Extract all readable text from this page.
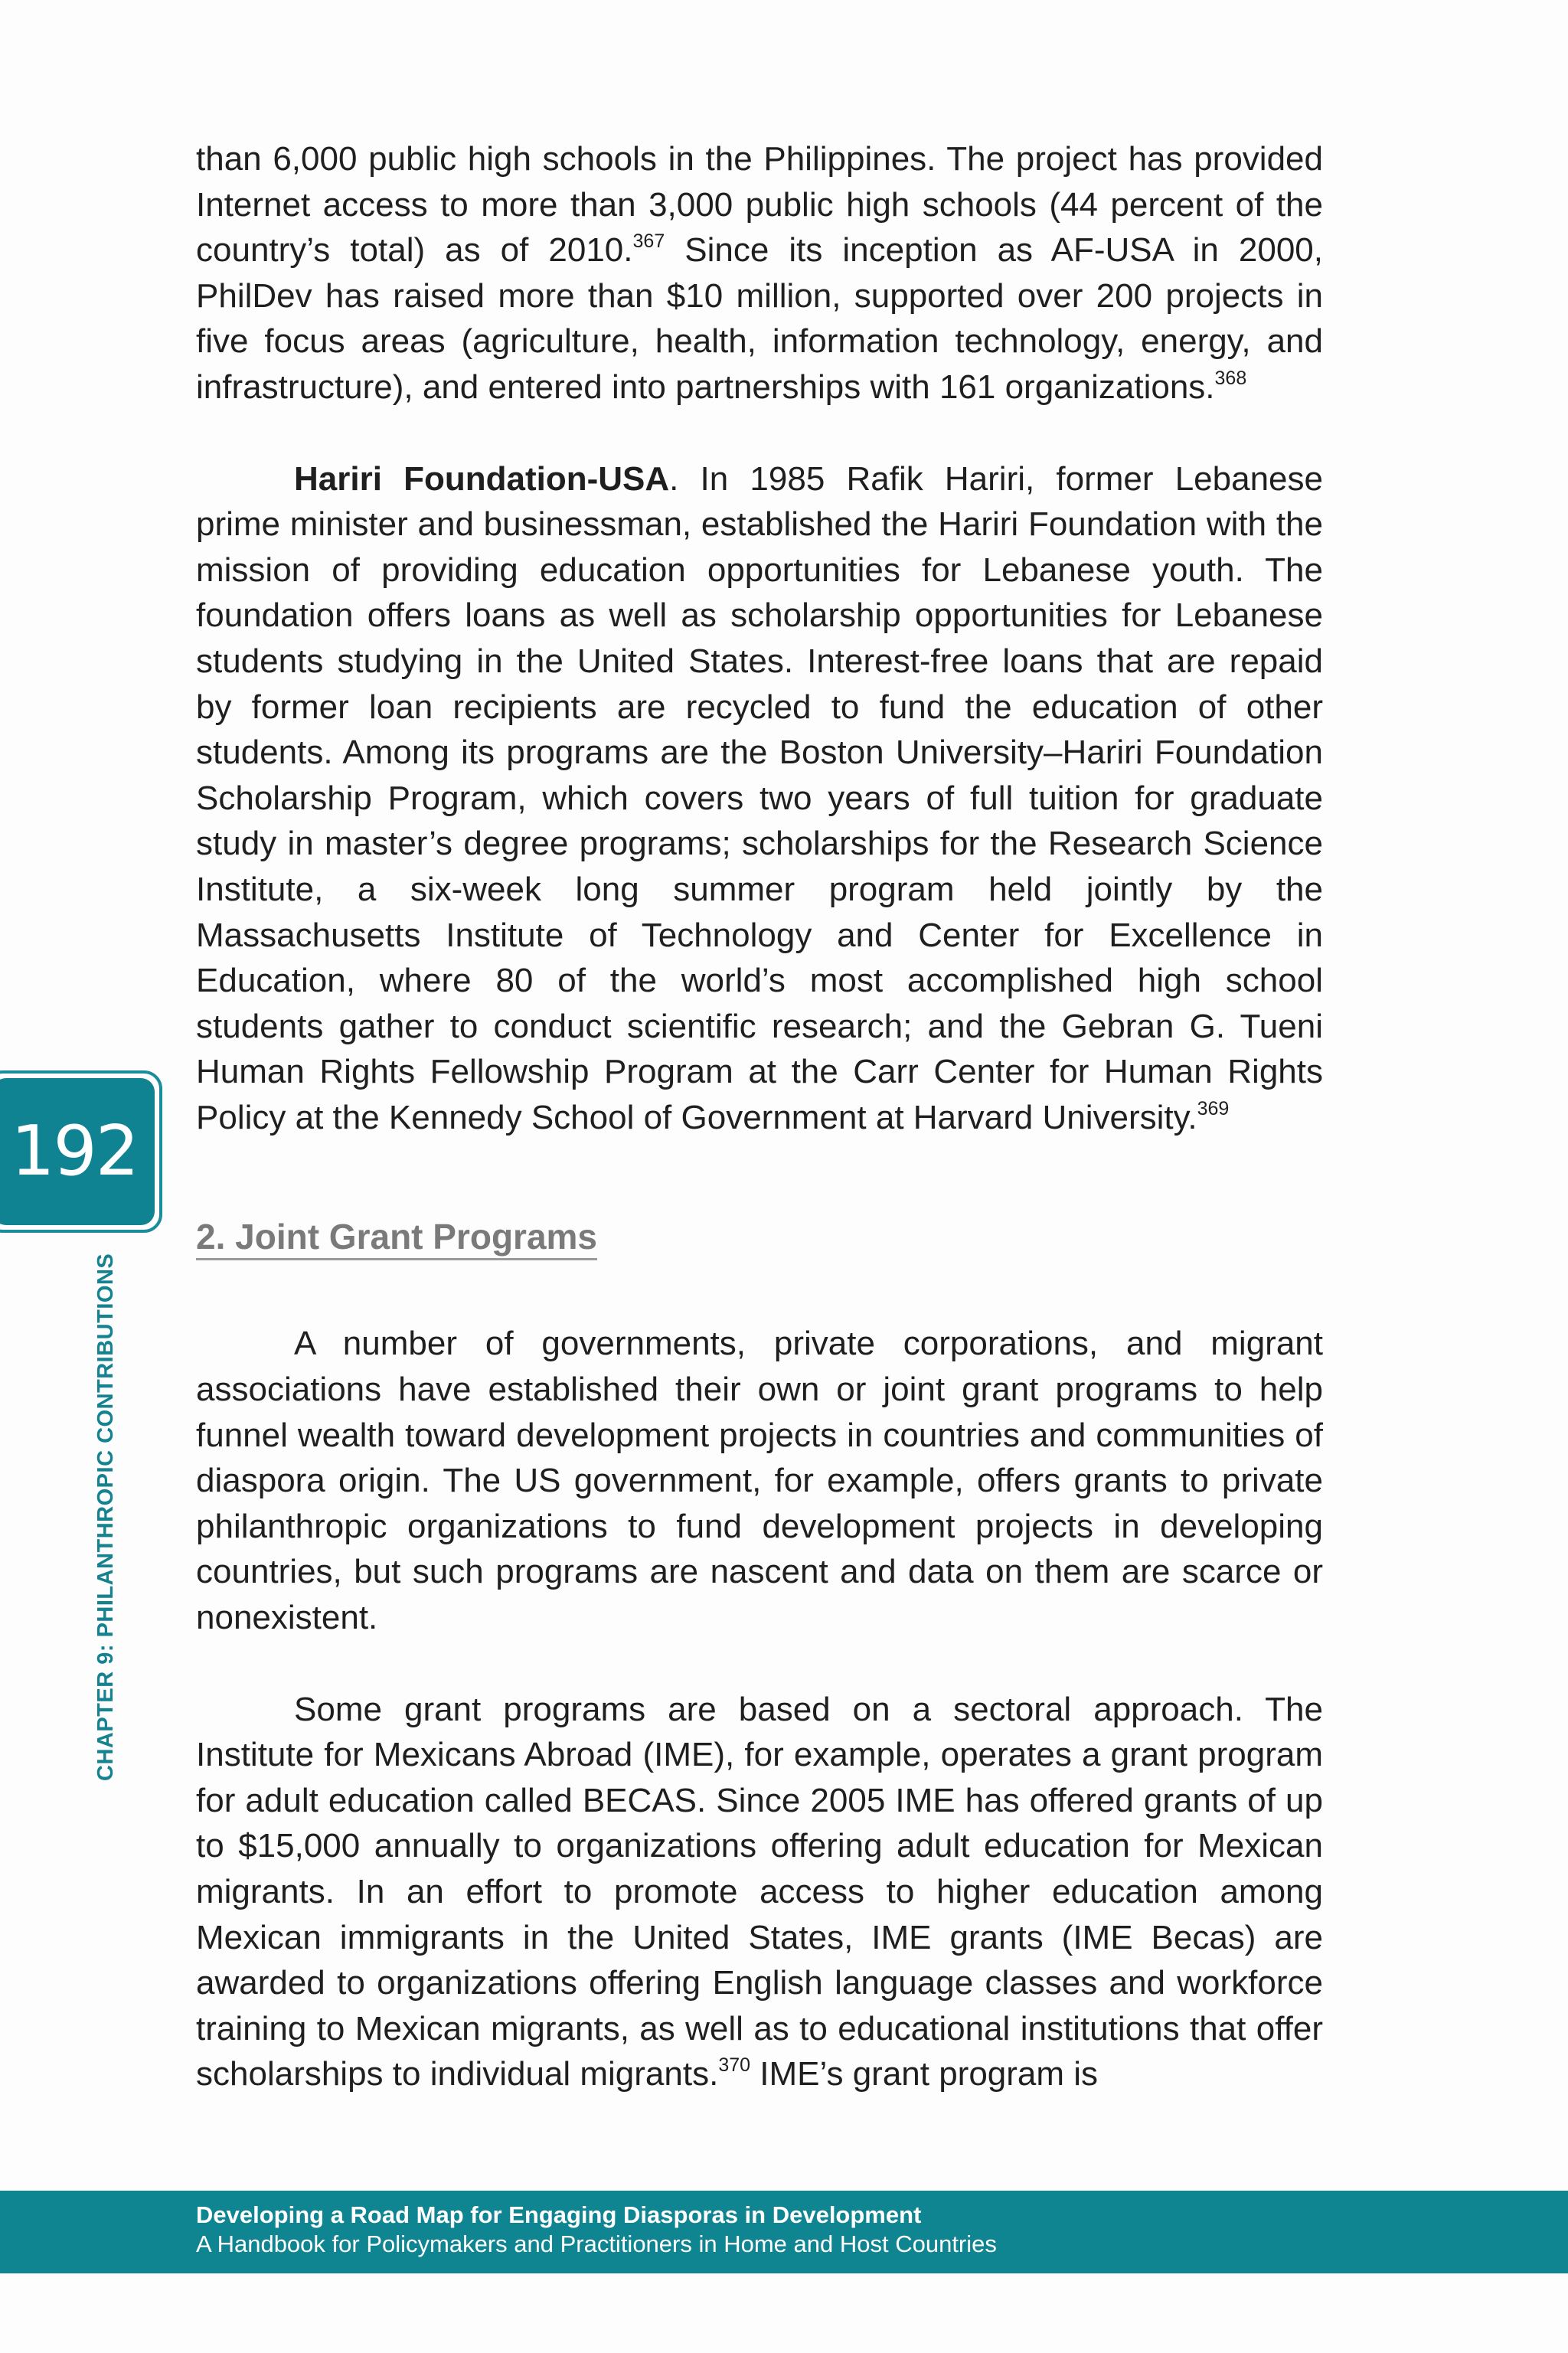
than 6,000 public high schools in the Philippines. The project has provided Internet access to more than 3,000 public high schools (44 percent of the country’s total) as of 2010.$^{367}$ Since its inception as AF-USA in 2000, PhilDev has raised more than $10 million, supported over 200 projects in five focus areas (agriculture, health, information technology, energy, and infrastructure), and entered into partnerships with 161 organizations.$^{368}$

Hariri Foundation-USA. In 1985 Rafik Hariri, former Lebanese prime minister and businessman, established the Hariri Foundation with the mission of providing education opportunities for Lebanese youth. The foundation offers loans as well as scholarship opportunities for Lebanese students studying in the United States. Interest-free loans that are repaid by former loan recipients are recycled to fund the education of other students. Among its programs are the Boston University–Hariri Foundation Scholarship Program, which covers two years of full tuition for graduate study in master’s degree programs; scholarships for the Research Science Institute, a six-week long summer program held jointly by the Massachusetts Institute of Technology and Center for Excellence in Education, where 80 of the world’s most accomplished high school students gather to conduct scientific research; and the Gebran G. Tueni Human Rights Fellowship Program at the Carr Center for Human Rights Policy at the Kennedy School of Government at Harvard University.$^{369}$

2. Joint Grant Programs

A number of governments, private corporations, and migrant associations have established their own or joint grant programs to help funnel wealth toward development projects in countries and communities of diaspora origin. The US government, for example, offers grants to private philanthropic organizations to fund development projects in developing countries, but such programs are nascent and data on them are scarce or nonexistent.

Some grant programs are based on a sectoral approach. The Institute for Mexicans Abroad (IME), for example, operates a grant program for adult education called BECAS. Since 2005 IME has offered grants of up to $15,000 annually to organizations offering adult education for Mexican migrants. In an effort to promote access to higher education among Mexican immigrants in the United States, IME grants (IME Becas) are awarded to organizations offering English language classes and workforce training to Mexican migrants, as well as to educational institutions that offer scholarships to individual migrants.$^{370}$ IME’s grant program is

192
CHAPTER 9: PHILANTHROPIC CONTRIBUTIONS
Developing a Road Map for Engaging Diasporas in Development
A Handbook for Policymakers and Practitioners in Home and Host Countries
